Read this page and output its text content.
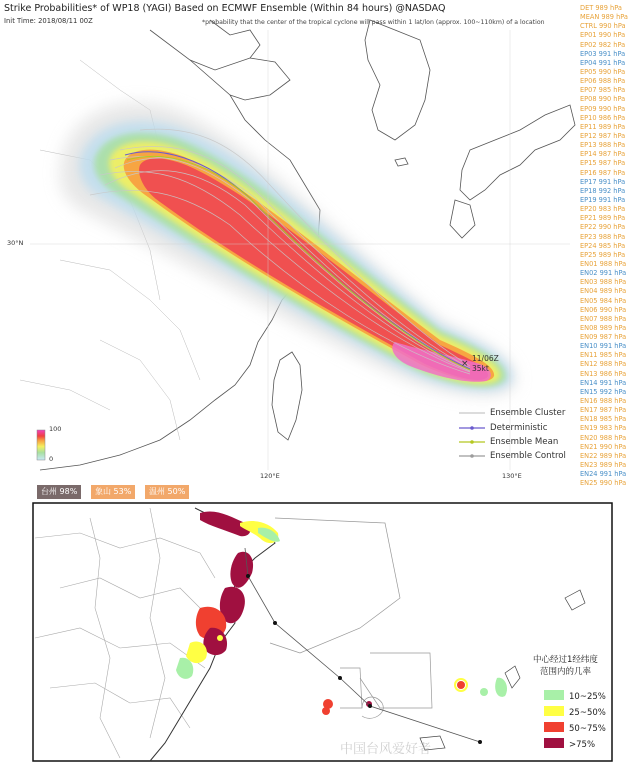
×
Strike Probabilities* of WP18 (YAGI) Based on ECMWF Ensemble (Within 84 hours) @NASDAQ
Init Time: 2018/08/11 00Z	*probability that the center of the tropical cyclone will pass within 1 lat/lon (approx. 100~110km) of a location
30°N
120°E	130°E
100
0
11/06Z
35kt
Ensemble Cluster
Deterministic
Ensemble Mean
Ensemble Control
DET 989 hPa
MEAN 989 hPa
CTRL 990 hPa
EP01 990 hPa
EP02 982 hPa
EP03 991 hPa
EP04 991 hPa
EP05 990 hPa
EP06 988 hPa
EP07 985 hPa
EP08 990 hPa
EP09 990 hPa
EP10 986 hPa
EP11 989 hPa
EP12 987 hPa
EP13 988 hPa
EP14 987 hPa
EP15 987 hPa
EP16 987 hPa
EP17 991 hPa
EP18 992 hPa
EP19 991 hPa
EP20 983 hPa
EP21 989 hPa
EP22 990 hPa
EP23 988 hPa
EP24 985 hPa
EP25 989 hPa
EN01 988 hPa
EN02 991 hPa
EN03 988 hPa
EN04 989 hPa
EN05 984 hPa
EN06 990 hPa
EN07 988 hPa
EN08 989 hPa
EN09 987 hPa
EN10 991 hPa
EN11 985 hPa
EN12 988 hPa
EN13 986 hPa
EN14 991 hPa
EN15 992 hPa
EN16 988 hPa
EN17 987 hPa
EN18 985 hPa
EN19 983 hPa
EN20 988 hPa
EN21 990 hPa
EN22 989 hPa
EN23 989 hPa
EN24 991 hPa
EN25 990 hPa
台州 98%	象山 53%	温州 50%
中心经过1经纬度
范围内的几率
10~25%
25~50%
50~75%
>75%
中国台风爱好者
